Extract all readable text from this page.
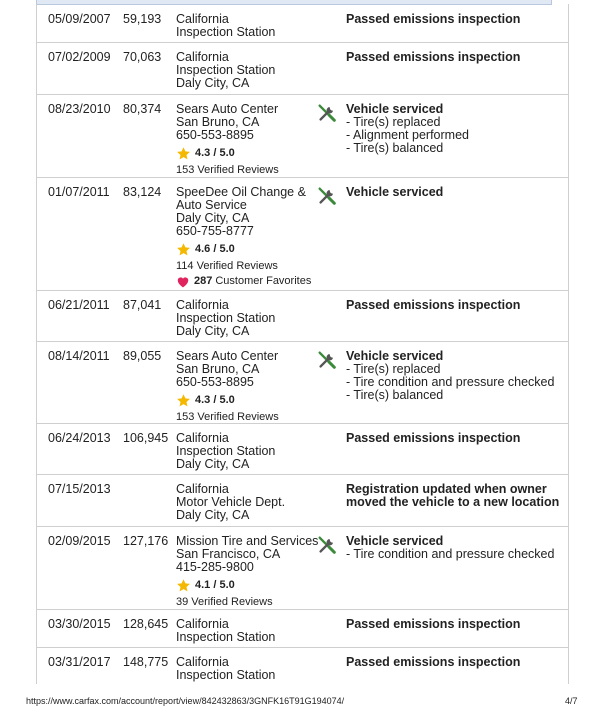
05/09/2007 59,193 California
Inspection Station
Passed emissions inspection
07/02/2009 70,063 California
Inspection Station
Daly City, CA
Passed emissions inspection
08/23/2010 80,374 Sears Auto Center
San Bruno, CA
650-553-8895
4.3 / 5.0
153 Verified Reviews
Vehicle serviced
- Tire(s) replaced
- Alignment performed
- Tire(s) balanced
01/07/2011 83,124 SpeeDee Oil Change &
Auto Service
Daly City, CA
650-755-8777
4.6 / 5.0
114 Verified Reviews
287 Customer Favorites
Vehicle serviced
06/21/2011 87,041 California
Inspection Station
Daly City, CA
Passed emissions inspection
08/14/2011 89,055 Sears Auto Center
San Bruno, CA
650-553-8895
4.3 / 5.0
153 Verified Reviews
Vehicle serviced
- Tire(s) replaced
- Tire condition and pressure checked
- Tire(s) balanced
06/24/2013 106,945 California
Inspection Station
Daly City, CA
Passed emissions inspection
07/15/2013	California
Motor Vehicle Dept.
Daly City, CA
Registration updated when owner
moved the vehicle to a new location
02/09/2015 127,176 Mission Tire and Services
San Francisco, CA
415-285-9800
4.1 / 5.0
39 Verified Reviews
Vehicle serviced
- Tire condition and pressure checked
03/30/2015 128,645 California
Inspection Station
Passed emissions inspection
03/31/2017 148,775 California
Inspection Station
Passed emissions inspection
https://www.carfax.com/account/report/view/842432863/3GNFK16T91G194074/	4/7
